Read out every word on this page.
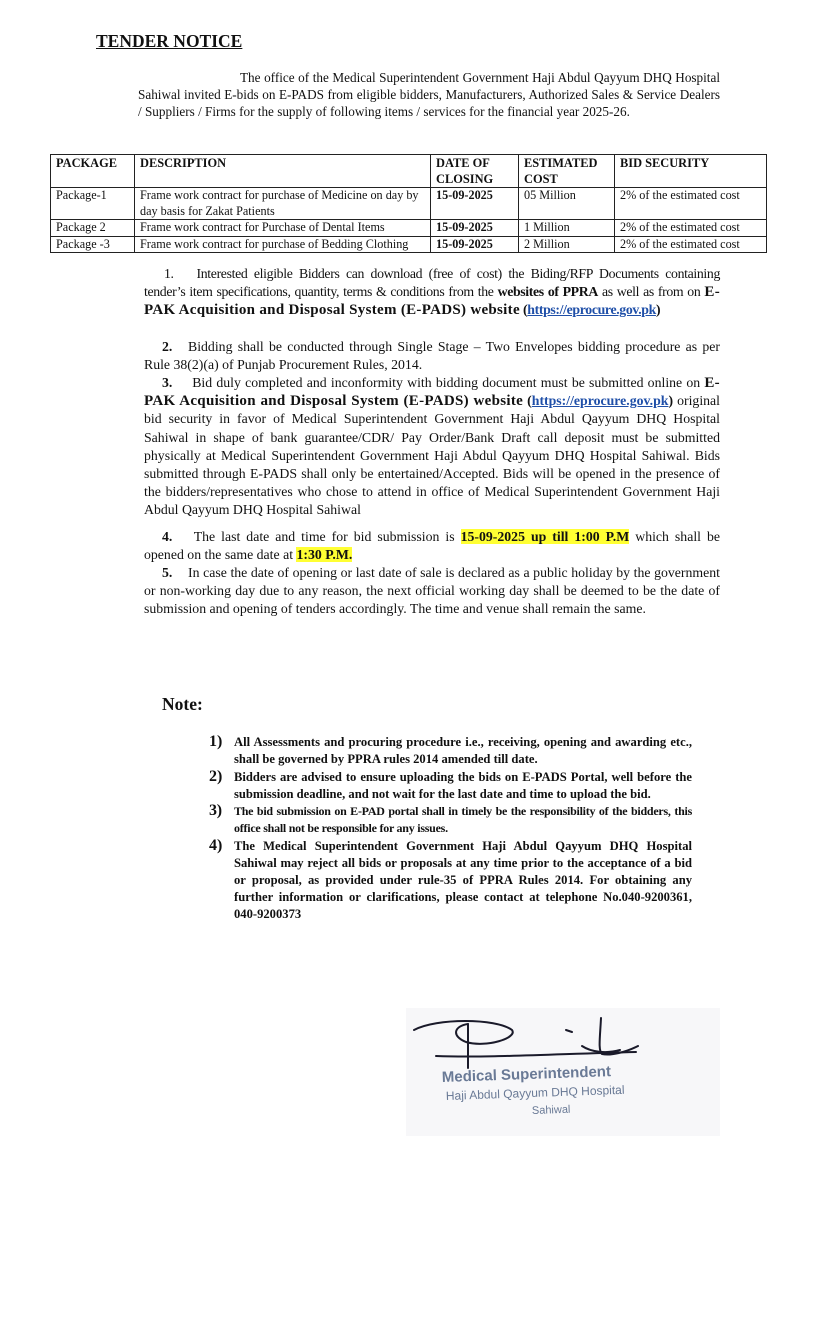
TENDER NOTICE
The office of the Medical Superintendent Government Haji Abdul Qayyum DHQ Hospital Sahiwal invited E-bids on E-PADS from eligible bidders, Manufacturers, Authorized Sales & Service Dealers / Suppliers / Firms for the supply of following items / services for the financial year 2025-26.
PACKAGE	DESCRIPTION	DATE OF CLOSING	ESTIMATED COST	BID SECURITY
Package-1	Frame work contract for purchase of Medicine on day by day basis for Zakat Patients	15-09-2025	05 Million	2% of the estimated cost
Package 2	Frame work contract for Purchase of Dental Items	15-09-2025	1 Million	2% of the estimated cost
Package -3	Frame work contract for purchase of Bedding Clothing	15-09-2025	2 Million	2% of the estimated cost

1. Interested eligible Bidders can download (free of cost) the Biding/RFP Documents containing tender’s item specifications, quantity, terms & conditions from the websites of PPRA as well as from on E-PAK Acquisition and Disposal System (E-PADS) website (https://eprocure.gov.pk)

2. Bidding shall be conducted through Single Stage – Two Envelopes bidding procedure as per Rule 38(2)(a) of Punjab Procurement Rules, 2014.

3. Bid duly completed and inconformity with bidding document must be submitted online on E-PAK Acquisition and Disposal System (E-PADS) website (https://eprocure.gov.pk) original bid security in favor of Medical Superintendent Government Haji Abdul Qayyum DHQ Hospital Sahiwal in shape of bank guarantee/CDR/ Pay Order/Bank Draft call deposit must be submitted physically at Medical Superintendent Government Haji Abdul Qayyum DHQ Hospital Sahiwal. Bids submitted through E-PADS shall only be entertained/Accepted. Bids will be opened in the presence of the bidders/representatives who chose to attend in office of Medical Superintendent Government Haji Abdul Qayyum DHQ Hospital Sahiwal

4. The last date and time for bid submission is 15-09-2025 up till 1:00 P.M which shall be opened on the same date at 1:30 P.M.

5. In case the date of opening or last date of sale is declared as a public holiday by the government or non-working day due to any reason, the next official working day shall be deemed to be the date of submission and opening of tenders accordingly. The time and venue shall remain the same.

Note:
1) All Assessments and procuring procedure i.e., receiving, opening and awarding etc., shall be governed by PPRA rules 2014 amended till date.
2) Bidders are advised to ensure uploading the bids on E-PADS Portal, well before the submission deadline, and not wait for the last date and time to upload the bid.
3) The bid submission on E-PAD portal shall in timely be the responsibility of the bidders, this office shall not be responsible for any issues.
4) The Medical Superintendent Government Haji Abdul Qayyum DHQ Hospital Sahiwal may reject all bids or proposals at any time prior to the acceptance of a bid or proposal, as provided under rule-35 of PPRA Rules 2014. For obtaining any further information or clarifications, please contact at telephone No.040-9200361, 040-9200373
Medical Superintendent
Haji Abdul Qayyum DHQ Hospital
Sahiwal
